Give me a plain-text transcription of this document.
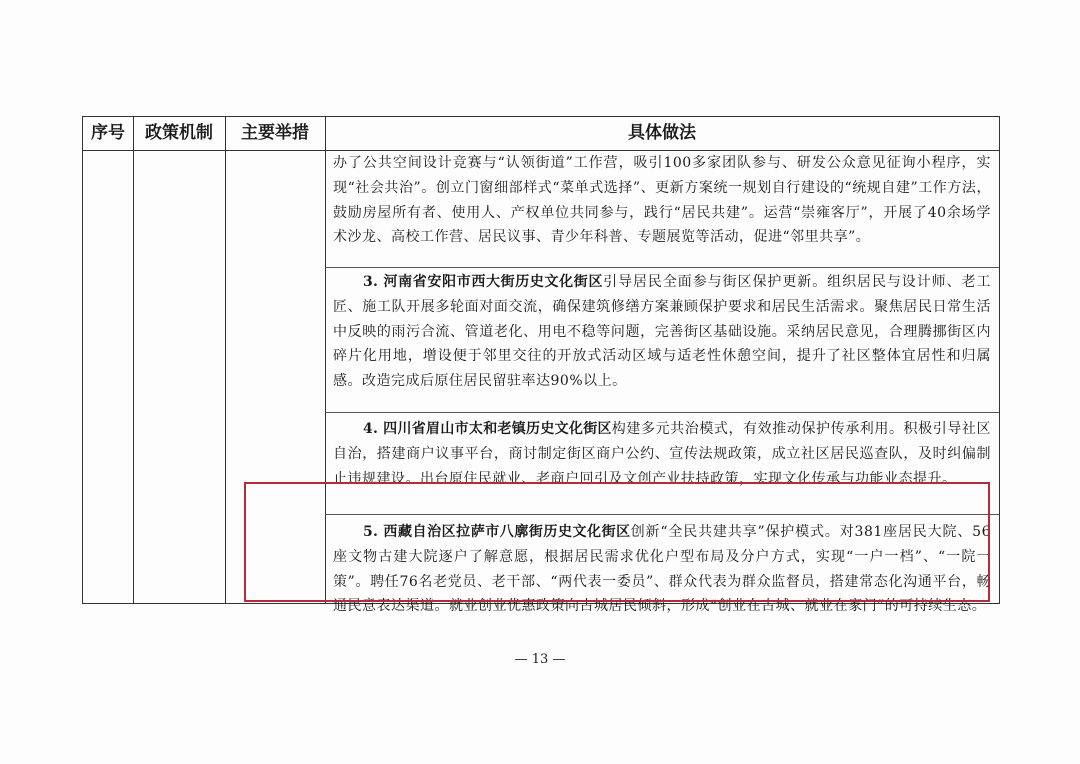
序号	政策机制	主要举措	具体做法
办了公共空间设计竞赛与“认领街道”工作营，吸引100多家团队参与、研发公众意见征询小程序，实现“社会共治”。创立门窗细部样式“菜单式选择”、更新方案统一规划自行建设的“统规自建”工作方法，鼓励房屋所有者、使用人、产权单位共同参与，践行“居民共建”。运营“崇雍客厅”，开展了40余场学术沙龙、高校工作营、居民议事、青少年科普、专题展览等活动，促进“邻里共享”。
3. 河南省安阳市西大街历史文化街区引导居民全面参与街区保护更新。组织居民与设计师、老工匠、施工队开展多轮面对面交流，确保建筑修缮方案兼顾保护要求和居民生活需求。聚焦居民日常生活中反映的雨污合流、管道老化、用电不稳等问题，完善街区基础设施。采纳居民意见，合理腾挪街区内碎片化用地，增设便于邻里交往的开放式活动区域与适老性休憩空间，提升了社区整体宜居性和归属感。改造完成后原住居民留驻率达90%以上。
4. 四川省眉山市太和老镇历史文化街区构建多元共治模式，有效推动保护传承利用。积极引导社区自治，搭建商户议事平台，商讨制定街区商户公约、宣传法规政策，成立社区居民巡查队，及时纠偏制止违规建设。出台原住民就业、老商户回引及文创产业扶持政策，实现文化传承与功能业态提升。
5. 西藏自治区拉萨市八廓街历史文化街区创新“全民共建共享”保护模式。对381座居民大院、56座文物古建大院逐户了解意愿，根据居民需求优化户型布局及分户方式，实现“一户一档”、“一院一策”。聘任76名老党员、老干部、“两代表一委员”、群众代表为群众监督员，搭建常态化沟通平台，畅通民意表达渠道。就业创业优惠政策向古城居民倾斜，形成“创业在古城、就业在家门”的可持续生态。
— 13 —
